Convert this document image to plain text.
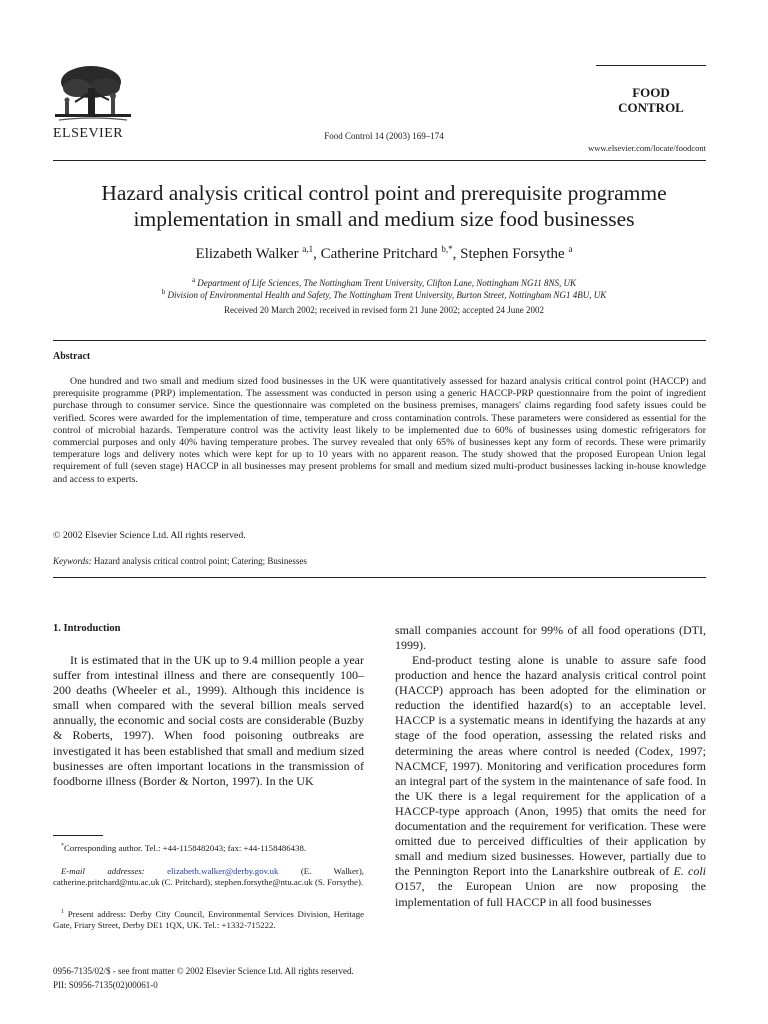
ELSEVIER	Food Control 14 (2003) 169–174
FOOD
CONTROL
www.elsevier.com/locate/foodcont
Hazard analysis critical control point and prerequisite programme implementation in small and medium size food businesses
Elizabeth Walker $^{a,1}$, Catherine Pritchard $^{b,*}$, Stephen Forsythe $^a$
$^a$ Department of Life Sciences, The Nottingham Trent University, Clifton Lane, Nottingham NG11 8NS, UK
$^b$ Division of Environmental Health and Safety, The Nottingham Trent University, Burton Street, Nottingham NG1 4BU, UK
Received 20 March 2002; received in revised form 21 June 2002; accepted 24 June 2002
Abstract

One hundred and two small and medium sized food businesses in the UK were quantitatively assessed for hazard analysis critical control point (HACCP) and prerequisite programme (PRP) implementation. The assessment was conducted in person using a generic HACCP-PRP questionnaire from the point of ingredient purchase through to consumer service. Since the questionnaire was completed on the business premises, managers' claims regarding food safety issues could be verified. Scores were awarded for the implementation of time, temperature and cross contamination controls. These parameters were considered as essential for the control of microbial hazards. Temperature control was the activity least likely to be implemented due to 60% of businesses using domestic refrigerators for commercial purposes and only 40% having temperature probes. The survey revealed that only 65% of businesses kept any form of records. These were primarily temperature logs and delivery notes which were kept for up to 10 years with no apparent reason. The study showed that the proposed European Union legal requirement of full (seven stage) HACCP in all businesses may present problems for small and medium sized multi-product businesses lacking in-house knowledge and access to experts.

© 2002 Elsevier Science Ltd. All rights reserved.
Keywords: Hazard analysis critical control point; Catering; Businesses
1. Introduction

It is estimated that in the UK up to 9.4 million people a year suffer from intestinal illness and there are consequently 100–200 deaths (Wheeler et al., 1999). Although this incidence is small when compared with the several billion meals served annually, the economic and social costs are considerable (Buzby & Roberts, 1997). When food poisoning outbreaks are investigated it has been established that small and medium sized businesses are often important locations in the transmission of foodborne illness (Border & Norton, 1997). In the UK

small companies account for 99% of all food operations (DTI, 1999).

End-product testing alone is unable to assure safe food production and hence the hazard analysis critical control point (HACCP) approach has been adopted for the elimination or reduction the identified hazard(s) to an acceptable level. HACCP is a systematic means in identifying the hazards at any stage of the food operation, assessing the related risks and determining the areas where control is needed (Codex, 1997; NACMCF, 1997). Monitoring and verification procedures form an integral part of the system in the maintenance of safe food. In the UK there is a legal requirement for the application of a HACCP-type approach (Anon, 1995) that omits the need for documentation and the requirement for verification. These were omitted due to perceived difficulties of their application by small and medium sized businesses. However, partially due to the Pennington Report into the Lanarkshire outbreak of E. coli O157, the European Union are now proposing the implementation of full HACCP in all food businesses

*Corresponding author. Tel.: +44-1158482043; fax: +44-1158486438.

E-mail addresses:	elizabeth.walker@derby.gov.uk	(E. Walker), catherine.pritchard@ntu.ac.uk (C. Pritchard), stephen.forsythe@ntu.ac.uk (S. Forsythe).

$^1$ Present address: Derby City Council, Environmental Services Division, Heritage Gate, Friary Street, Derby DE1 1QX, UK. Tel.: +1332-715222.

0956-7135/02/$ - see front matter © 2002 Elsevier Science Ltd. All rights reserved.
PII: S0956-7135(02)00061-0
